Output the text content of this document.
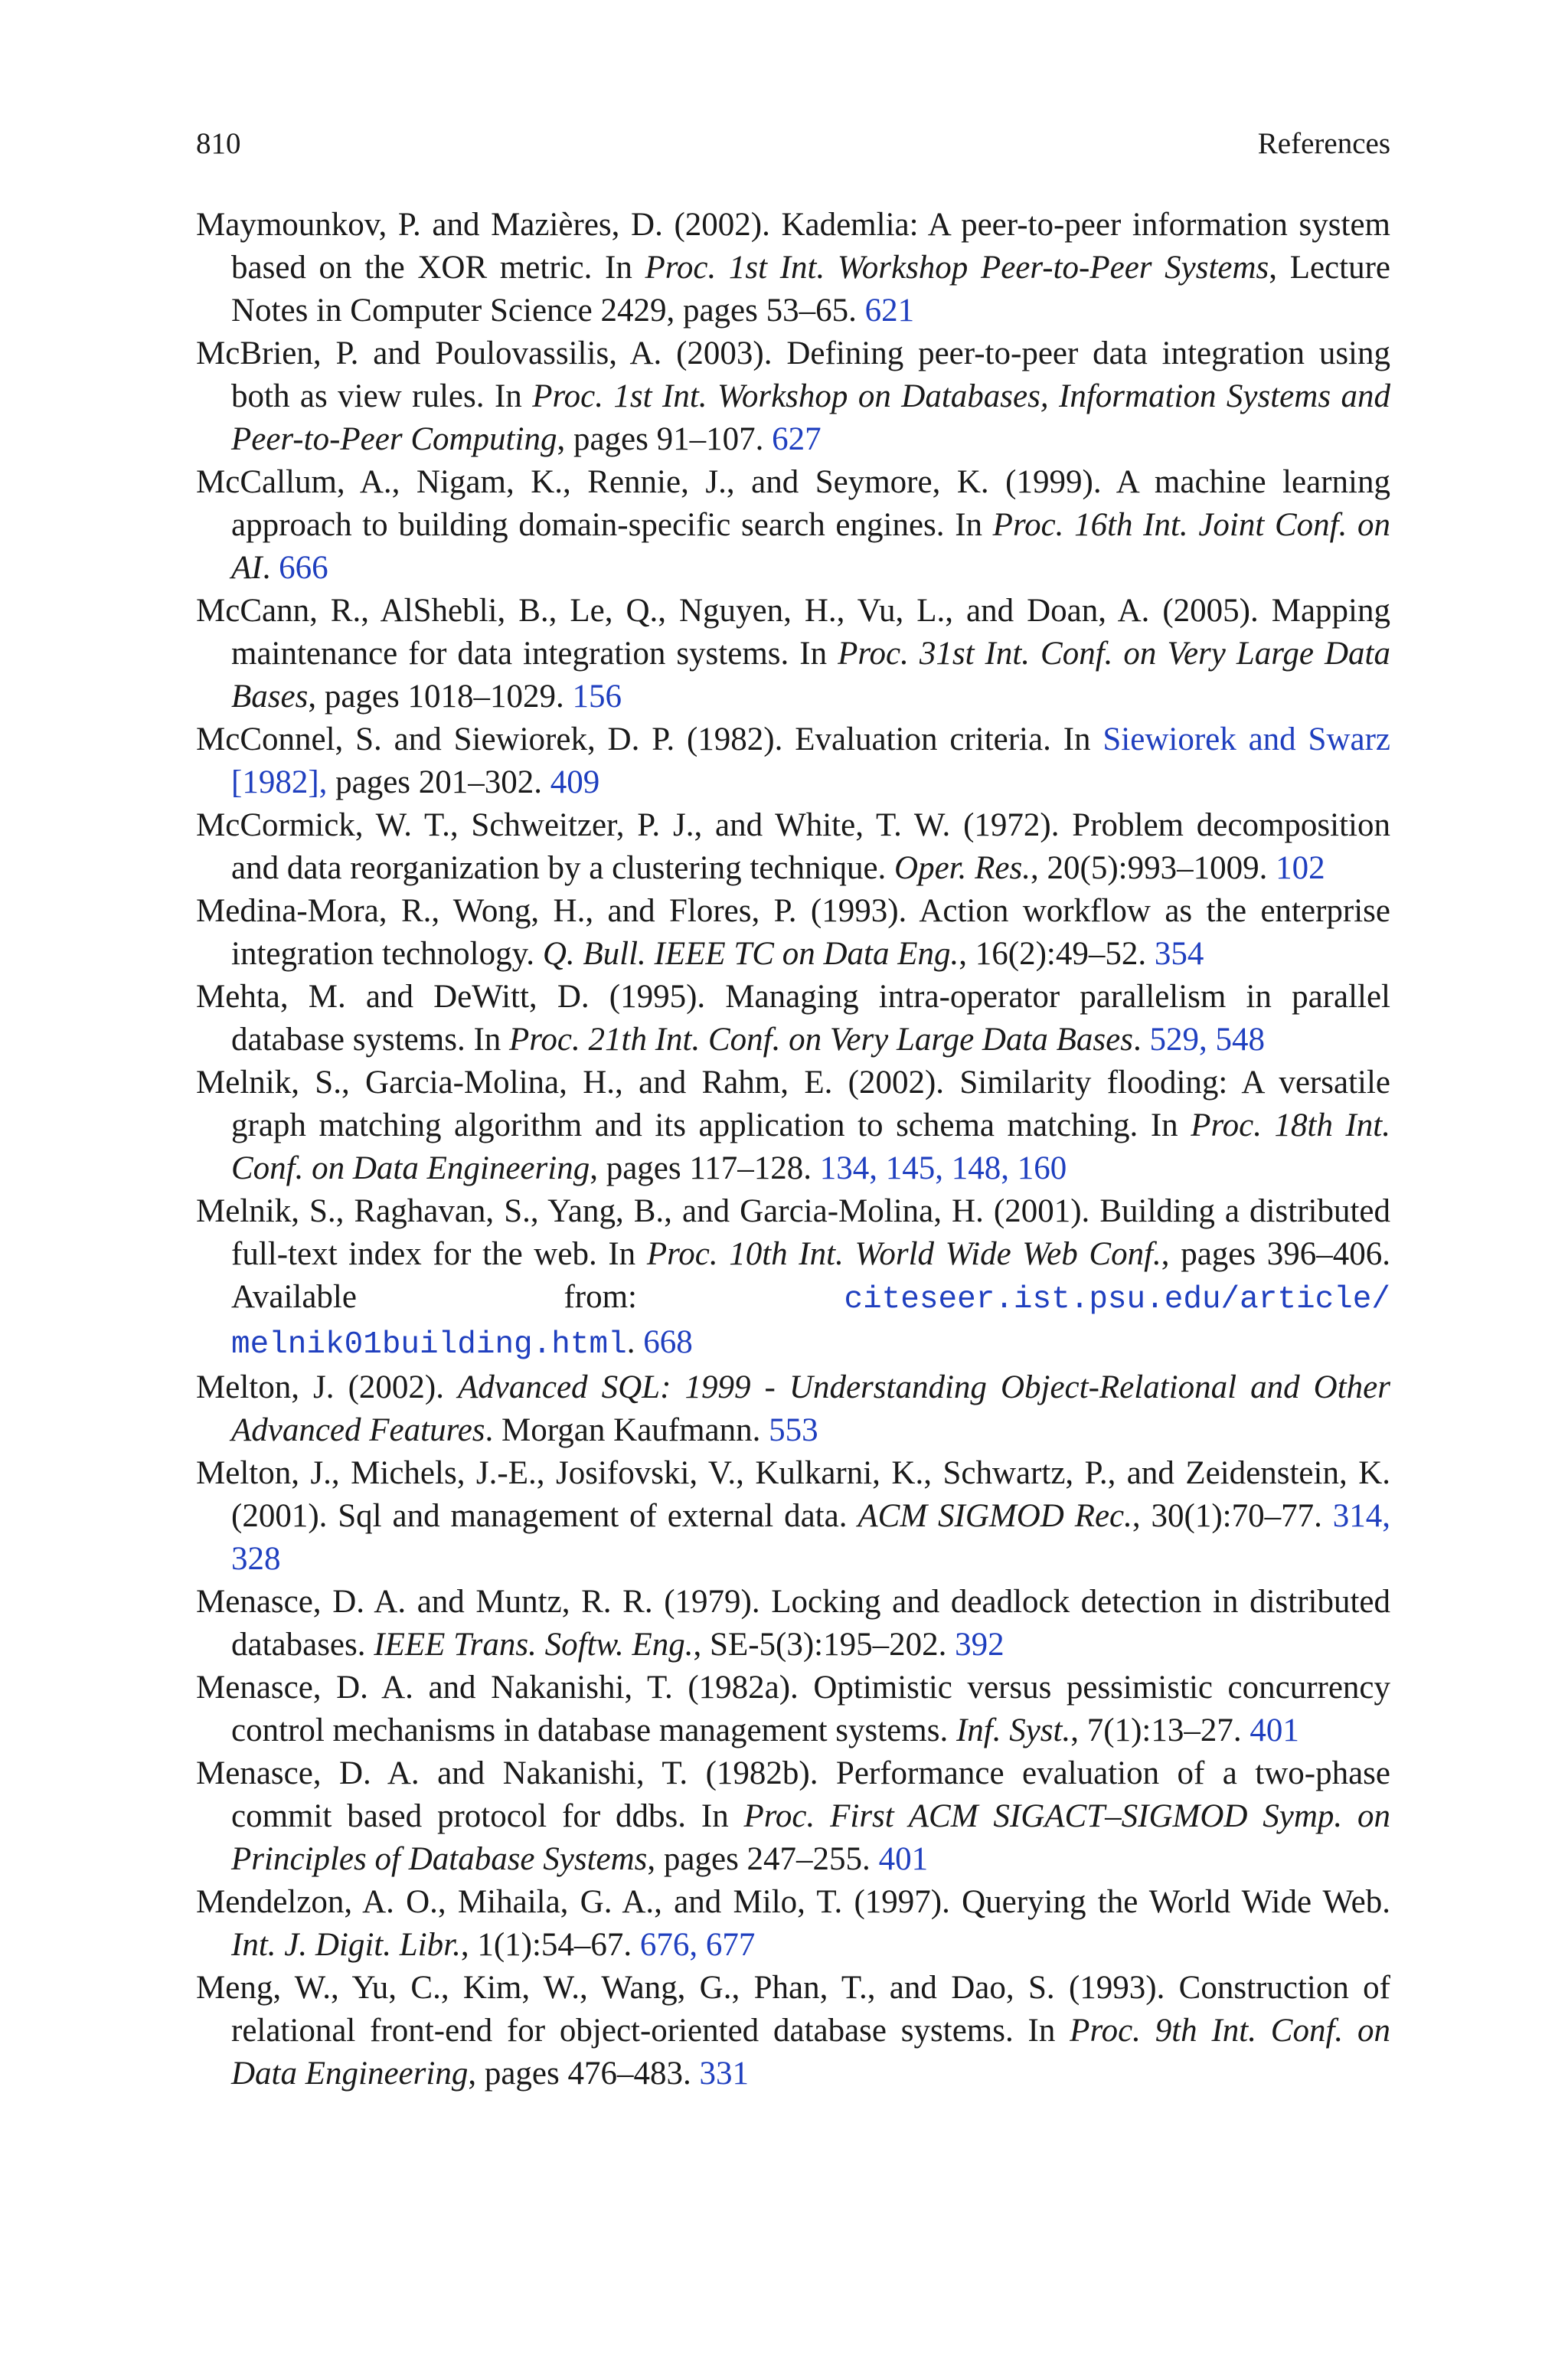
810	References

Maymounkov, P. and Mazières, D. (2002). Kademlia: A peer-to-peer information system based on the XOR metric. In Proc. 1st Int. Workshop Peer-to-Peer Systems, Lecture Notes in Computer Science 2429, pages 53–65. 621

McBrien, P. and Poulovassilis, A. (2003). Defining peer-to-peer data integration using both as view rules. In Proc. 1st Int. Workshop on Databases, Information Systems and Peer-to-Peer Computing, pages 91–107. 627

McCallum, A., Nigam, K., Rennie, J., and Seymore, K. (1999). A machine learning approach to building domain-specific search engines. In Proc. 16th Int. Joint Conf. on AI. 666

McCann, R., AlShebli, B., Le, Q., Nguyen, H., Vu, L., and Doan, A. (2005). Mapping maintenance for data integration systems. In Proc. 31st Int. Conf. on Very Large Data Bases, pages 1018–1029. 156

McConnel, S. and Siewiorek, D. P. (1982). Evaluation criteria. In Siewiorek and Swarz [1982], pages 201–302. 409

McCormick, W. T., Schweitzer, P. J., and White, T. W. (1972). Problem decomposition and data reorganization by a clustering technique. Oper. Res., 20(5):993–1009. 102

Medina-Mora, R., Wong, H., and Flores, P. (1993). Action workflow as the enterprise integration technology. Q. Bull. IEEE TC on Data Eng., 16(2):49–52. 354

Mehta, M. and DeWitt, D. (1995). Managing intra-operator parallelism in parallel database systems. In Proc. 21th Int. Conf. on Very Large Data Bases. 529, 548

Melnik, S., Garcia-Molina, H., and Rahm, E. (2002). Similarity flooding: A versatile graph matching algorithm and its application to schema matching. In Proc. 18th Int. Conf. on Data Engineering, pages 117–128. 134, 145, 148, 160

Melnik, S., Raghavan, S., Yang, B., and Garcia-Molina, H. (2001). Building a distributed full-text index for the web. In Proc. 10th Int. World Wide Web Conf., pages 396–406. Available from: citeseer.ist.psu.edu/article/ melnik01building.html. 668

Melton, J. (2002). Advanced SQL: 1999 - Understanding Object-Relational and Other Advanced Features. Morgan Kaufmann. 553

Melton, J., Michels, J.-E., Josifovski, V., Kulkarni, K., Schwartz, P., and Zeidenstein, K. (2001). Sql and management of external data. ACM SIGMOD Rec., 30(1):70–77. 314, 328

Menasce, D. A. and Muntz, R. R. (1979). Locking and deadlock detection in distributed databases. IEEE Trans. Softw. Eng., SE-5(3):195–202. 392

Menasce, D. A. and Nakanishi, T. (1982a). Optimistic versus pessimistic concurrency control mechanisms in database management systems. Inf. Syst., 7(1):13–27. 401

Menasce, D. A. and Nakanishi, T. (1982b). Performance evaluation of a two-phase commit based protocol for ddbs. In Proc. First ACM SIGACT–SIGMOD Symp. on Principles of Database Systems, pages 247–255. 401

Mendelzon, A. O., Mihaila, G. A., and Milo, T. (1997). Querying the World Wide Web. Int. J. Digit. Libr., 1(1):54–67. 676, 677

Meng, W., Yu, C., Kim, W., Wang, G., Phan, T., and Dao, S. (1993). Construction of relational front-end for object-oriented database systems. In Proc. 9th Int. Conf. on Data Engineering, pages 476–483. 331
